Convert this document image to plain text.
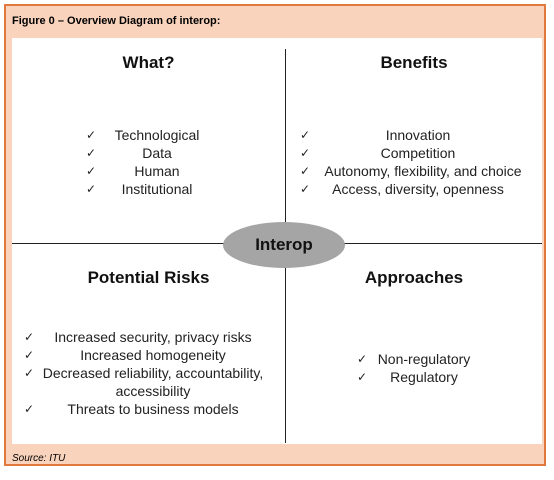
Figure 0 – Overview Diagram of interop:
What?
✓	Technological
✓	Data
✓	Human
✓	Institutional
Benefits
✓	Innovation
✓	Competition
✓	Autonomy, flexibility, and choice
✓	Access, diversity, openness
Potential Risks
✓	Increased security, privacy risks
✓	Increased homogeneity
✓ Decreased reliability, accountability, accessibility
✓	Threats to business models
Approaches
✓ Non-regulatory
✓	Regulatory
Interop
Source: ITU
